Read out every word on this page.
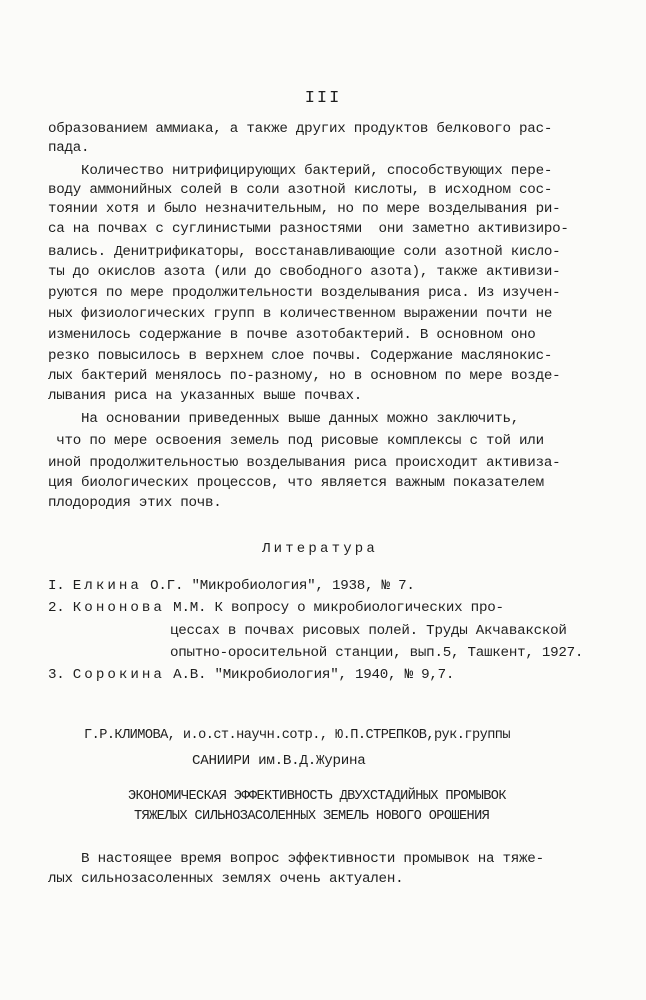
III
образованием аммиака, а также других продуктов белкового рас-
пада.
Количество нитрифицирующих бактерий, способствующих пере-
воду аммонийных солей в соли азотной кислоты, в исходном сос-
тоянии хотя и было незначительным, но по мере возделывания ри-
са на почвах с суглинистыми разностями  они заметно активизиро-
вались. Денитрификаторы, восстанавливающие соли азотной кисло-
ты до окислов азота (или до свободного азота), также активизи-
руются по мере продолжительности возделывания риса. Из изучен-
ных физиологических групп в количественном выражении почти не
изменилось содержание в почве азотобактерий. В основном оно
резко повысилось в верхнем слое почвы. Содержание маслянокис-
лых бактерий менялось по-разному, но в основном по мере возде-
лывания риса на указанных выше почвах.
На основании приведенных выше данных можно заключить,
что по мере освоения земель под рисовые комплексы с той или
иной продолжительностью возделывания риса происходит активиза-
ция биологических процессов, что является важным показателем
плодородия этих почв.
Литература
I. Елкина О.Г. "Микробиология", 1938, № 7.
2. Кононова М.М. К вопросу о микробиологических про-
цессах в почвах рисовых полей. Труды Акчавакской
опытно-оросительной станции, вып.5, Ташкент, 1927.
3. Сорокина А.В. "Микробиология", 1940, № 9,7.
Г.Р.КЛИМОВА, и.о.ст.научн.сотр., Ю.П.СТРЕПКОВ,рук.группы
САНИИРИ им.В.Д.Журина
ЭКОНОМИЧЕСКАЯ ЭФФЕКТИВНОСТЬ ДВУХСТАДИЙНЫХ ПРОМЫВОК
ТЯЖЕЛЫХ СИЛЬНОЗАСОЛЕННЫХ ЗЕМЕЛЬ НОВОГО ОРОШЕНИЯ
В настоящее время вопрос эффективности промывок на тяже-
лых сильнозасоленных землях очень актуален.
